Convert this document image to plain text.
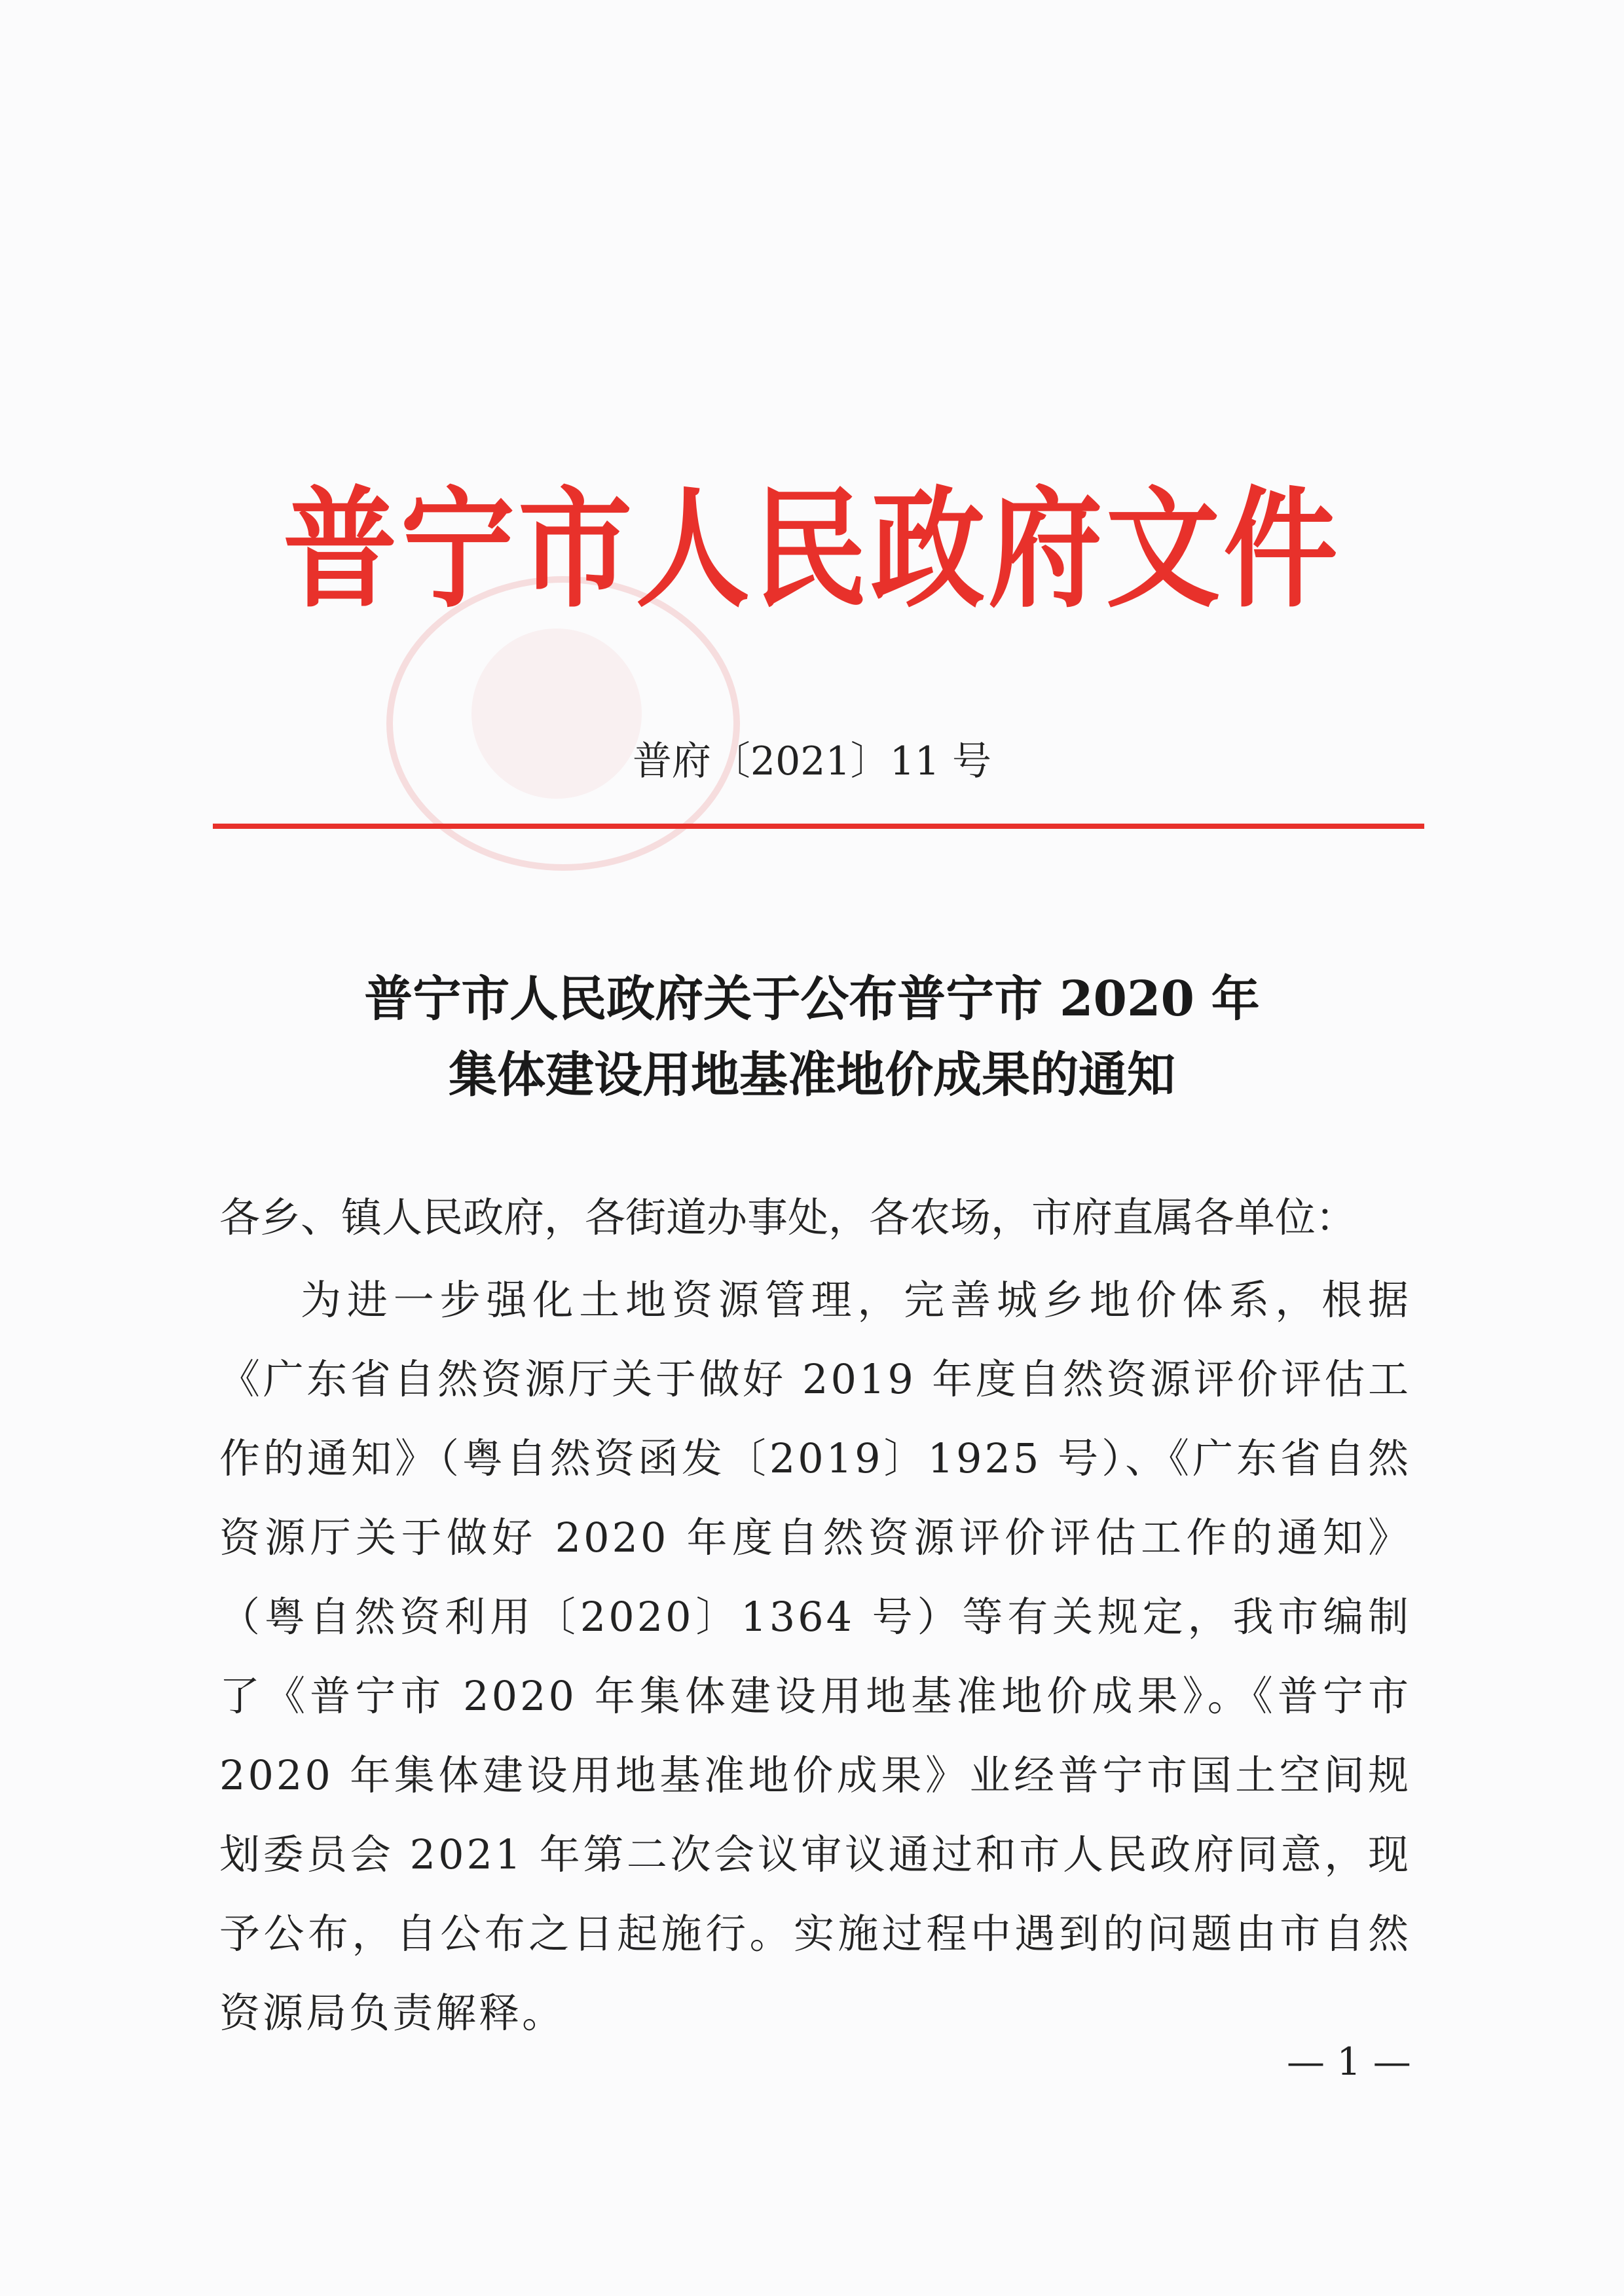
普宁市人民政府文件
普府〔2021〕11 号
普宁市人民政府关于公布普宁市 2020 年
集体建设用地基准地价成果的通知
各乡、镇人民政府，各街道办事处，各农场，市府直属各单位：
为进一步强化土地资源管理，完善城乡地价体系，根据《广东省自然资源厅关于做好 2019 年度自然资源评价评估工作的通知》（粤自然资函发〔2019〕1925 号）、《广东省自然资源厅关于做好 2020 年度自然资源评价评估工作的通知》（粤自然资利用〔2020〕1364 号）等有关规定，我市编制了《普宁市 2020 年集体建设用地基准地价成果》。《普宁市 2020 年集体建设用地基准地价成果》业经普宁市国土空间规划委员会 2021 年第二次会议审议通过和市人民政府同意，现予公布，自公布之日起施行。实施过程中遇到的问题由市自然资源局负责解释。
— 1 —
